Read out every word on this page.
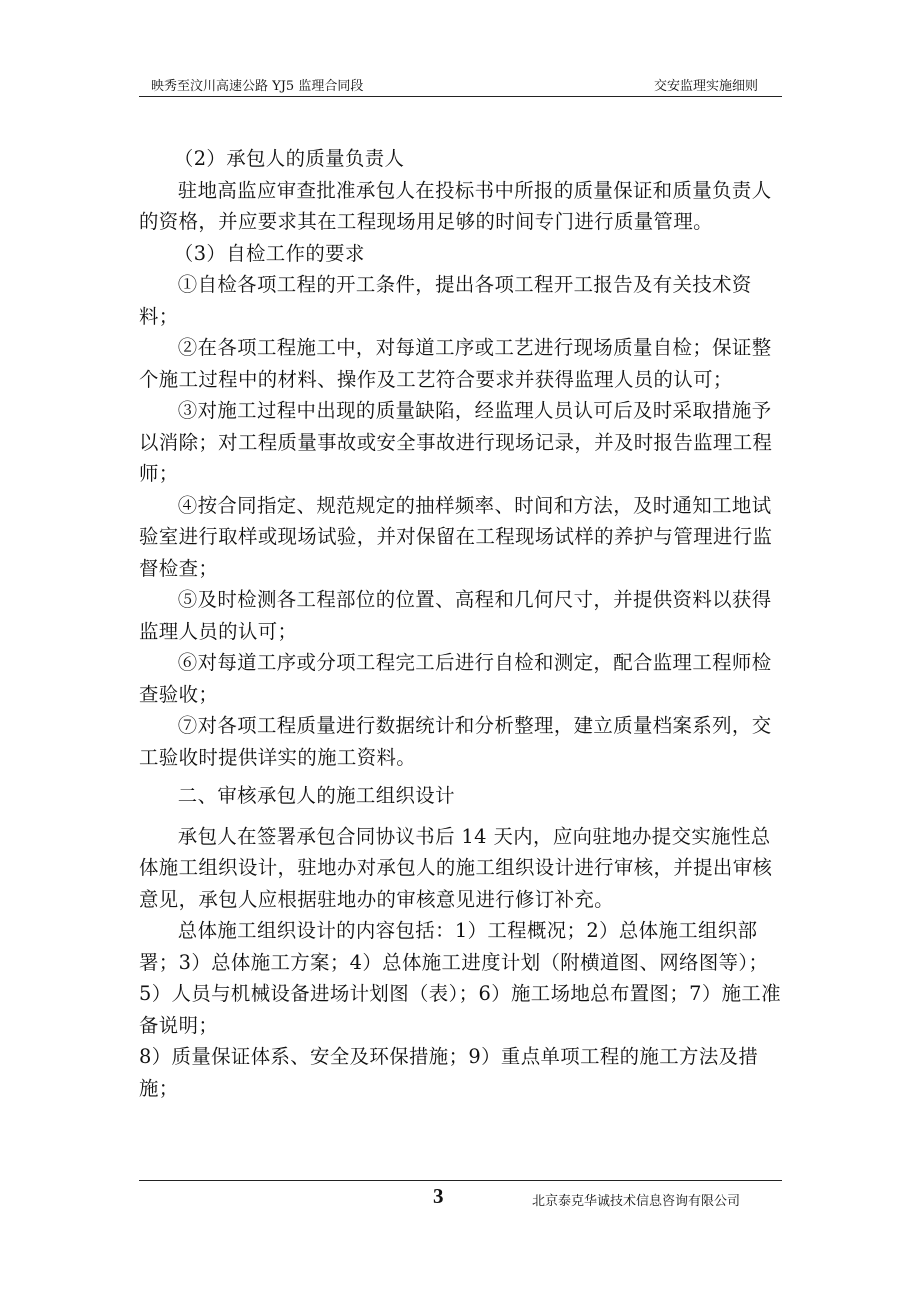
映秀至汶川高速公路 YJ5 监理合同段	交安监理实施细则

（2）承包人的质量负责人

驻地高监应审查批准承包人在投标书中所报的质量保证和质量负责人的资格，并应要求其在工程现场用足够的时间专门进行质量管理。

（3）自检工作的要求

①自检各项工程的开工条件，提出各项工程开工报告及有关技术资料；

②在各项工程施工中，对每道工序或工艺进行现场质量自检；保证整个施工过程中的材料、操作及工艺符合要求并获得监理人员的认可；

③对施工过程中出现的质量缺陷，经监理人员认可后及时采取措施予以消除；对工程质量事故或安全事故进行现场记录，并及时报告监理工程师；

④按合同指定、规范规定的抽样频率、时间和方法，及时通知工地试验室进行取样或现场试验，并对保留在工程现场试样的养护与管理进行监督检查；

⑤及时检测各工程部位的位置、高程和几何尺寸，并提供资料以获得监理人员的认可；

⑥对每道工序或分项工程完工后进行自检和测定，配合监理工程师检查验收；

⑦对各项工程质量进行数据统计和分析整理，建立质量档案系列，交工验收时提供详实的施工资料。

二、审核承包人的施工组织设计

承包人在签署承包合同协议书后 14 天内，应向驻地办提交实施性总体施工组织设计，驻地办对承包人的施工组织设计进行审核，并提出审核意见，承包人应根据驻地办的审核意见进行修订补充。

总体施工组织设计的内容包括：1）工程概况；2）总体施工组织部署；3）总体施工方案；4）总体施工进度计划（附横道图、网络图等）；5）人员与机械设备进场计划图（表）；6）施工场地总布置图；7）施工准备说明；

8）质量保证体系、安全及环保措施；9）重点单项工程的施工方法及措施；

3	北京泰克华诚技术信息咨询有限公司
